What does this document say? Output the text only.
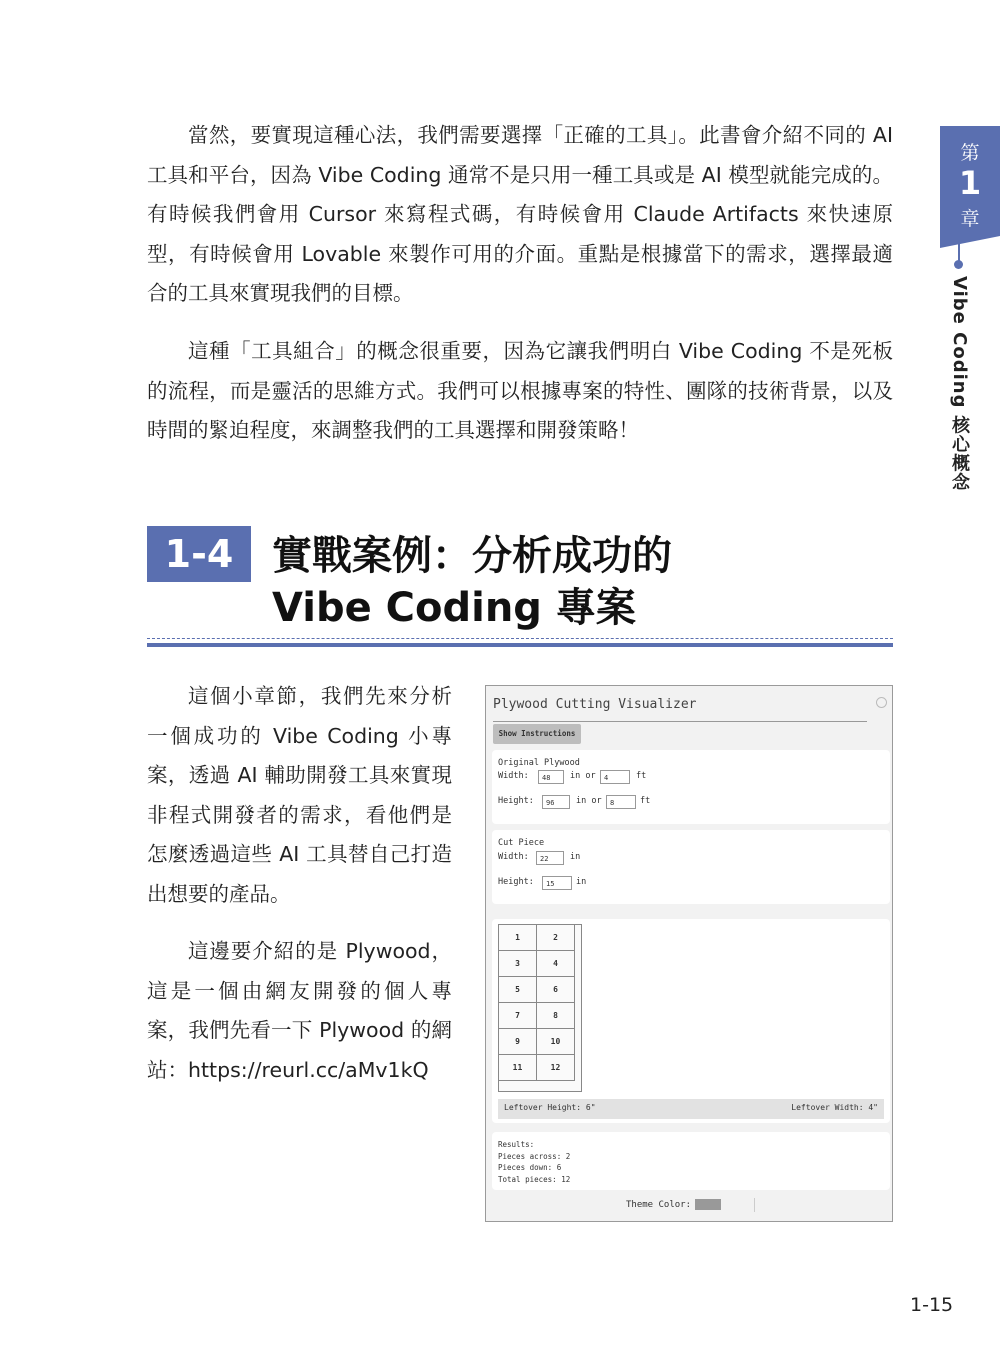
當然，要實現這種心法，我們需要選擇「正確的工具」。此書會介紹不同的 AI 工具和平台，因為 Vibe Coding 通常不是只用一種工具或是 AI 模型就能完成的。有時候我們會用 Cursor 來寫程式碼，有時候會用 Claude Artifacts 來快速原型，有時候會用 Lovable 來製作可用的介面。重點是根據當下的需求，選擇最適合的工具來實現我們的目標。

這種「工具組合」的概念很重要，因為它讓我們明白 Vibe Coding 不是死板的流程，而是靈活的思維方式。我們可以根據專案的特性、團隊的技術背景，以及時間的緊迫程度，來調整我們的工具選擇和開發策略！

第
1
章
Vibe Coding 核心概念
1-4 實戰案例：分析成功的
Vibe Coding 專案

這個小章節，我們先來分析一個成功的 Vibe Coding 小專案，透過 AI 輔助開發工具來實現非程式開發者的需求，看他們是怎麼透過這些 AI 工具替自己打造出想要的產品。

這邊要介紹的是 Plywood，這是一個由網友開發的個人專案，我們先看一下 Plywood 的網站：https://reurl.cc/aMv1kQ

Plywood Cutting Visualizer
Show Instructions
Original Plywood
Width:	48	in or	4	ft
Height:	96	in or	8	ft
Cut Piece
Width:	22	in
Height:	15	in
1	2
3	4
5	6
7	8
9	10
11	12
Leftover Height: 6"	Leftover Width: 4"
Results:
Pieces across: 2
Pieces down: 6
Total pieces: 12
Theme Color:
1-15
